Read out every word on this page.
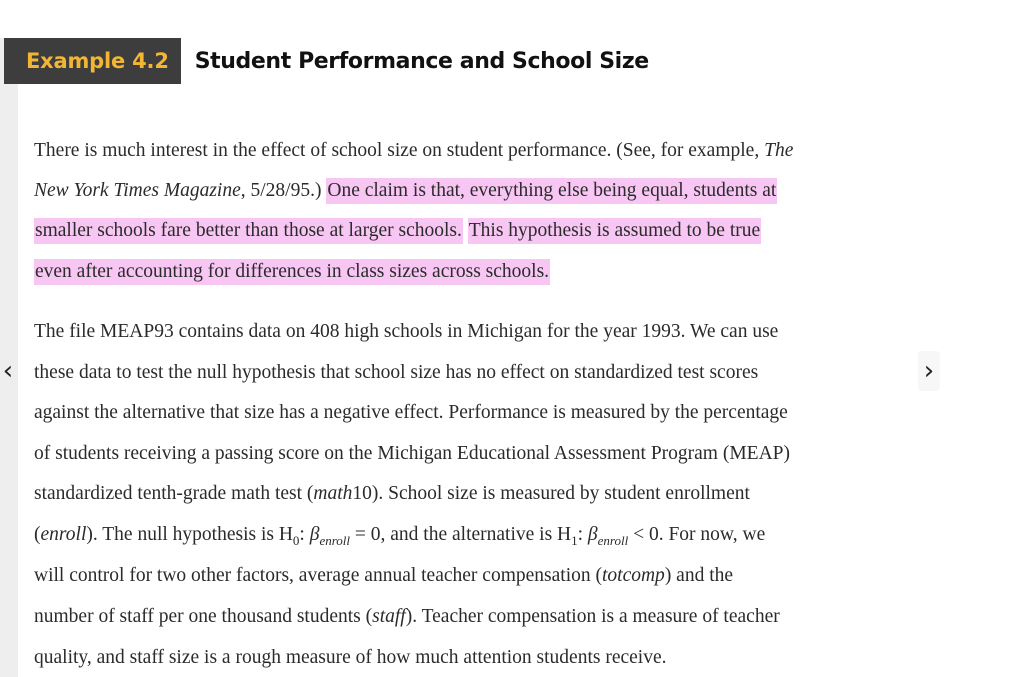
Example 4.2	Student Performance and School Size
There is much interest in the effect of school size on student performance. (See, for example, The
New York Times Magazine, 5/28/95.) One claim is that, everything else being equal, students at
smaller schools fare better than those at larger schools. This hypothesis is assumed to be true
even after accounting for differences in class sizes across schools.
The file MEAP93 contains data on 408 high schools in Michigan for the year 1993. We can use
these data to test the null hypothesis that school size has no effect on standardized test scores
against the alternative that size has a negative effect. Performance is measured by the percentage
of students receiving a passing score on the Michigan Educational Assessment Program (MEAP)
standardized tenth-grade math test (math10). School size is measured by student enrollment
(enroll). The null hypothesis is $H_0$: $\beta_{enroll} = 0$, and the alternative is $H_1$: $\beta_{enroll} < 0$. For now, we
will control for two other factors, average annual teacher compensation (totcomp) and the
number of staff per one thousand students (staff). Teacher compensation is a measure of teacher
quality, and staff size is a rough measure of how much attention students receive.
‹	›
